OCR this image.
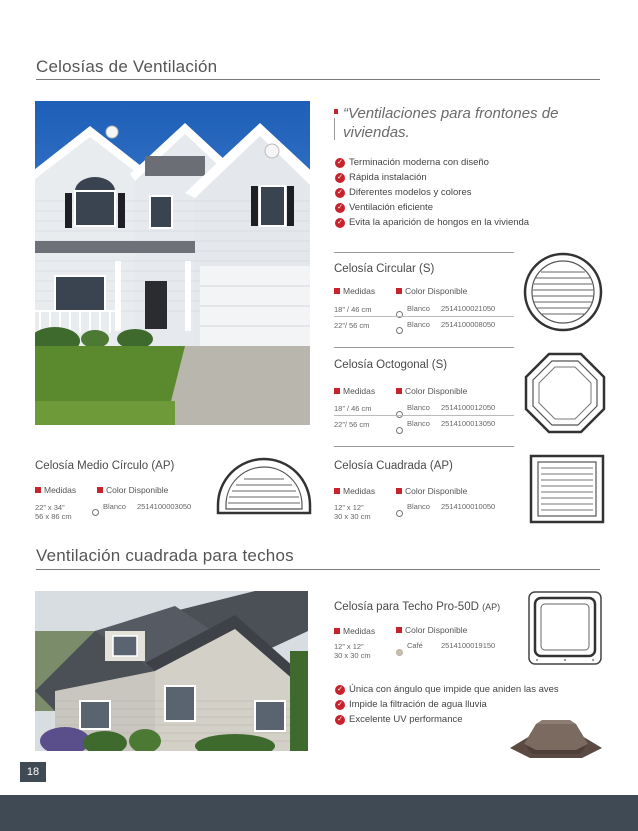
Celosías de Ventilación
“Ventilaciones para frontones de
viviendas.
✓ Terminación moderna con diseño
✓ Rápida instalación
✓ Diferentes modelos y colores
✓ Ventilación eficiente
✓ Evita la aparición de hongos en la vivienda
Celosía Circular (S)
Medidas	Color Disponible
18” / 46 cm	Blanco 2514100021050
22”/ 56 cm	Blanco 2514100008050
Celosía Octogonal (S)
Medidas	Color Disponible
18” / 46 cm	Blanco 2514100012050
22”/ 56 cm	Blanco 2514100013050
Celosía Medio Círculo (AP)
Medidas	Color Disponible
22” x 34”
56 x 86 cm
Blanco 2514100003050
Celosía Cuadrada (AP)
Medidas	Color Disponible
12” x 12”
30 x 30 cm
Blanco 2514100010050
Ventilación cuadrada para techos
Celosía para Techo Pro-50D (AP)
Medidas	Color Disponible
12” x 12”
30 x 30 cm
Café 2514100019150
✓ Única con ángulo que impide que aniden las aves
✓ Impide la filtración de agua lluvia
✓ Excelente UV performance
18
